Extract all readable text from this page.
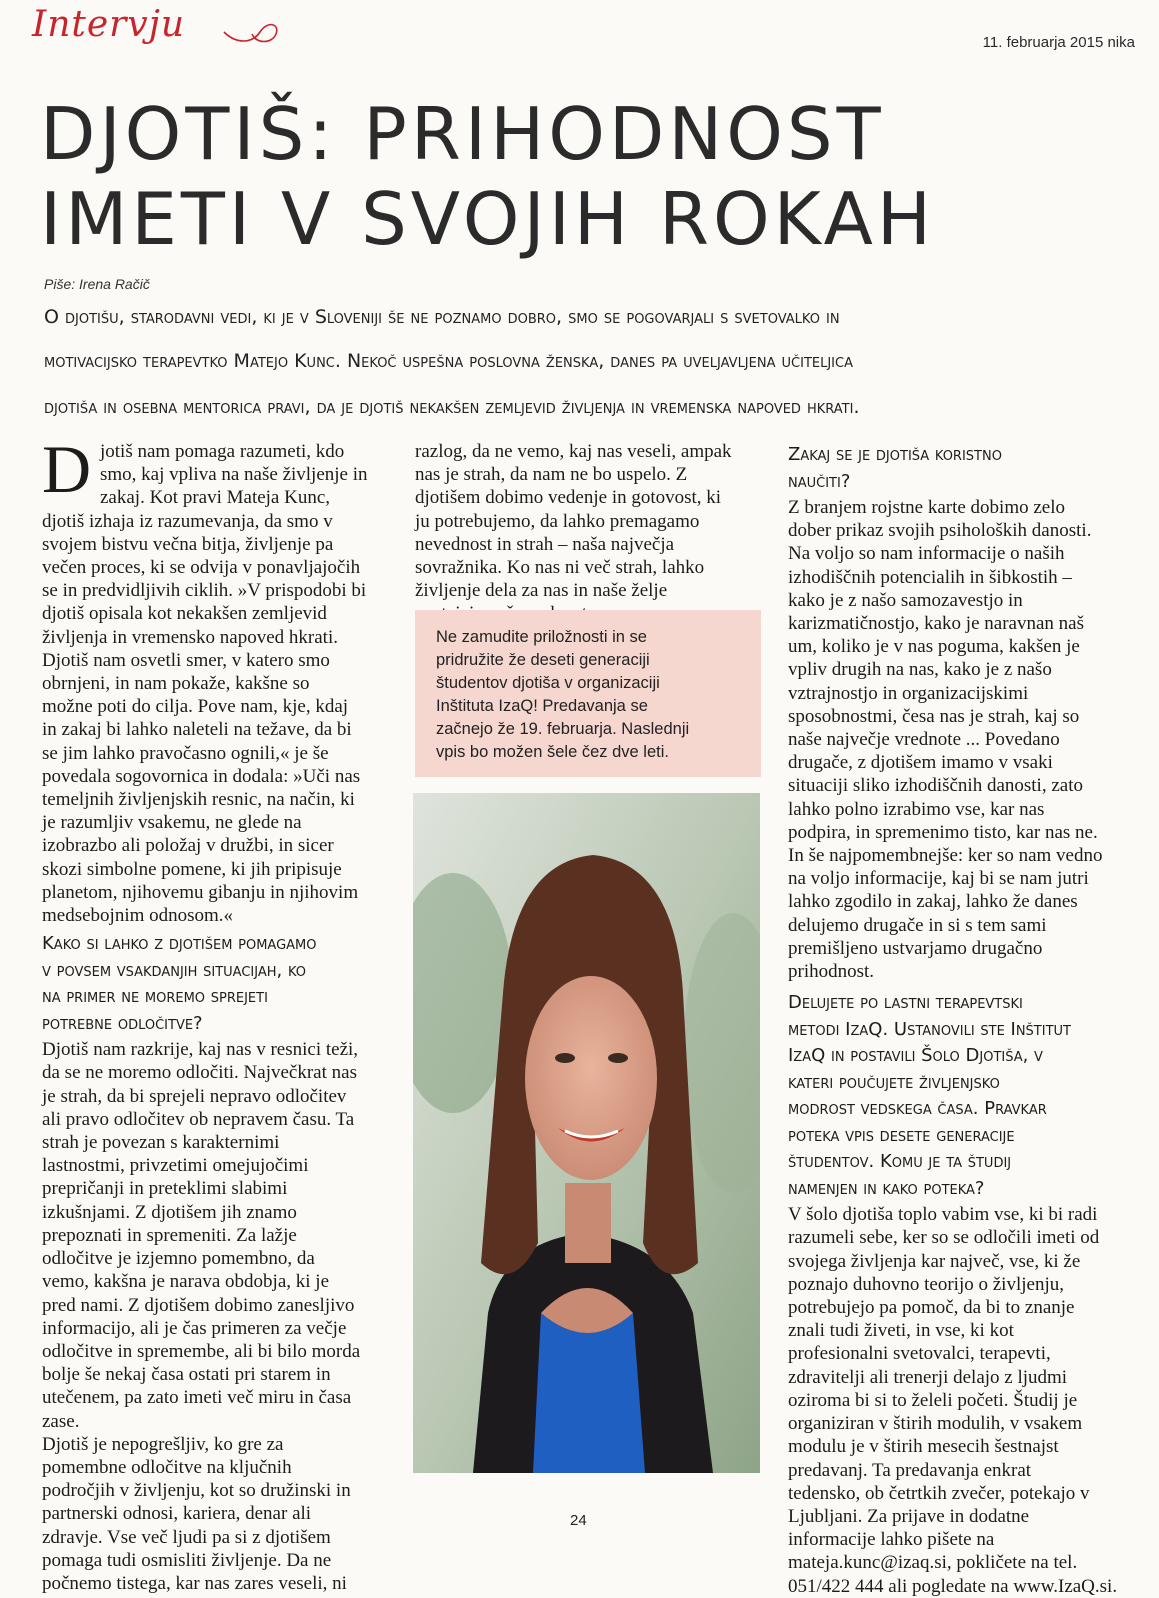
Intervju	11. februarja 2015 nika
DJOTIŠ: PRIHODNOST
IMETI V SVOJIH ROKAH
Piše: Irena Račič
O djotišu, starodavni vedi, ki je v Sloveniji še ne poznamo dobro, smo se pogovarjali s svetovalko in
motivacijsko terapevtko Matejo Kunc. Nekoč uspešna poslovna ženska, danes pa uveljavljena učiteljica
djotiša in osebna mentorica pravi, da je djotiš nekakšen zemljevid življenja in vremenska napoved hkrati.
D jotiš nam pomaga razumeti, kdo

smo, kaj vpliva na naše življenje in

zakaj. Kot pravi Mateja Kunc,

djotiš izhaja iz razumevanja, da smo v

svojem bistvu večna bitja, življenje pa

večen proces, ki se odvija v ponavljajočih

se in predvidljivih ciklih. »V prispodobi bi

djotiš opisala kot nekakšen zemljevid

življenja in vremensko napoved hkrati.

Djotiš nam osvetli smer, v katero smo

obrnjeni, in nam pokaže, kakšne so

možne poti do cilja. Pove nam, kje, kdaj

in zakaj bi lahko naleteli na težave, da bi

se jim lahko pravočasno ognili,« je še

povedala sogovornica in dodala: »Uči nas

temeljnih življenjskih resnic, na način, ki

je razumljiv vsakemu, ne glede na

izobrazbo ali položaj v družbi, in sicer

skozi simbolne pomene, ki jih pripisuje

planetom, njihovemu gibanju in njihovim

medsebojnim odnosom.«

Kako si lahko z djotišem pomagamo

v povsem vsakdanjih situacijah, ko

na primer ne moremo sprejeti

potrebne odločitve?

Djotiš nam razkrije, kaj nas v resnici teži,

da se ne moremo odločiti. Največkrat nas

je strah, da bi sprejeli nepravo odločitev

ali pravo odločitev ob nepravem času. Ta

strah je povezan s karakternimi

lastnostmi, privzetimi omejujočimi

prepričanji in preteklimi slabimi

izkušnjami. Z djotišem jih znamo

prepoznati in spremeniti. Za lažje

odločitve je izjemno pomembno, da

vemo, kakšna je narava obdobja, ki je

pred nami. Z djotišem dobimo zanesljivo

informacijo, ali je čas primeren za večje

odločitve in spremembe, ali bi bilo morda

bolje še nekaj časa ostati pri starem in

utečenem, pa zato imeti več miru in časa

zase.

Djotiš je nepogrešljiv, ko gre za

pomembne odločitve na ključnih

področjih v življenju, kot so družinski in

partnerski odnosi, kariera, denar ali

zdravje. Vse več ljudi pa si z djotišem

pomaga tudi osmisliti življenje. Da ne

počnemo tistega, kar nas zares veseli, ni

razlog, da ne vemo, kaj nas veseli, ampak

nas je strah, da nam ne bo uspelo. Z

djotišem dobimo vedenje in gotovost, ki

ju potrebujemo, da lahko premagamo

nevednost in strah – naša največja

sovražnika. Ko nas ni več strah, lahko

življenje dela za nas in naše želje

Ne zamudite priložnosti in se

pridružite že deseti generaciji

študentov djotiša v organizaciji

Inštituta IzaQ! Predavanja se

začnejo že 19. februarja. Naslednji

vpis bo možen šele čez dve leti.

Zakaj se je djotiša koristno

naučiti?

Z branjem rojstne karte dobimo zelo

dober prikaz svojih psiholoških danosti.

Na voljo so nam informacije o naših

izhodiščnih potencialih in šibkostih –

kako je z našo samozavestjo in

karizmatičnostjo, kako je naravnan naš

um, koliko je v nas poguma, kakšen je

vpliv drugih na nas, kako je z našo

vztrajnostjo in organizacijskimi

sposobnostmi, česa nas je strah, kaj so

naše največje vrednote ... Povedano

drugače, z djotišem imamo v vsaki

situaciji sliko izhodiščnih danosti, zato

lahko polno izrabimo vse, kar nas

podpira, in spremenimo tisto, kar nas ne.

In še najpomembnejše: ker so nam vedno

na voljo informacije, kaj bi se nam jutri

lahko zgodilo in zakaj, lahko že danes

delujemo drugače in si s tem sami

premišljeno ustvarjamo drugačno

prihodnost.

Delujete po lastni terapevtski

metodi IzaQ. Ustanovili ste Inštitut

IzaQ in postavili Šolo Djotiša, v

kateri poučujete življenjsko

modrost vedskega časa. Pravkar

poteka vpis desete generacije

študentov. Komu je ta študij

namenjen in kako poteka?

V šolo djotiša toplo vabim vse, ki bi radi

razumeli sebe, ker so se odločili imeti od

svojega življenja kar največ, vse, ki že

poznajo duhovno teorijo o življenju,

potrebujejo pa pomoč, da bi to znanje

znali tudi živeti, in vse, ki kot

profesionalni svetovalci, terapevti,

zdravitelji ali trenerji delajo z ljudmi

oziroma bi si to želeli početi. Študij je

organiziran v štirih modulih, v vsakem

modulu je v štirih mesecih šestnajst

predavanj. Ta predavanja enkrat

tedensko, ob četrtkih zvečer, potekajo v

Ljubljani. Za prijave in dodatne

informacije lahko pišete na

mateja.kunc@izaq.si, pokličete na tel.

051/422 444 ali pogledate na www.IzaQ.si.

24
